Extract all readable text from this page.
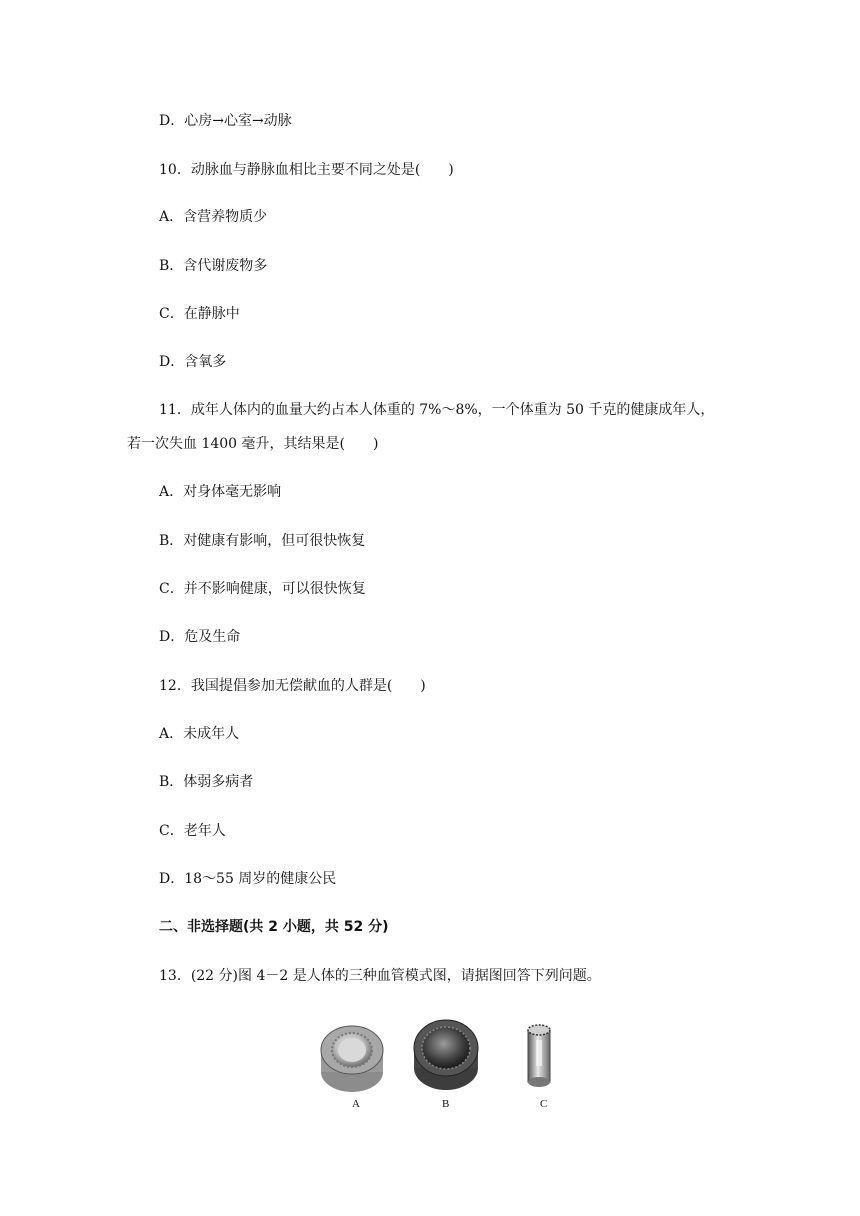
D．心房→心室→动脉
10．动脉血与静脉血相比主要不同之处是(　　)
A．含营养物质少
B．含代谢废物多
C．在静脉中
D．含氧多
11．成年人体内的血量大约占本人体重的 7%～8%，一个体重为 50 千克的健康成年人，
若一次失血 1400 毫升，其结果是(　　)
A．对身体毫无影响
B．对健康有影响，但可很快恢复
C．并不影响健康，可以很快恢复
D．危及生命
12．我国提倡参加无偿献血的人群是(　　)
A．未成年人
B．体弱多病者
C．老年人
D．18～55 周岁的健康公民
二、非选择题(共 2 小题，共 52 分)
13．(22 分)图 4－2 是人体的三种血管模式图，请据图回答下列问题。
A	B	C
